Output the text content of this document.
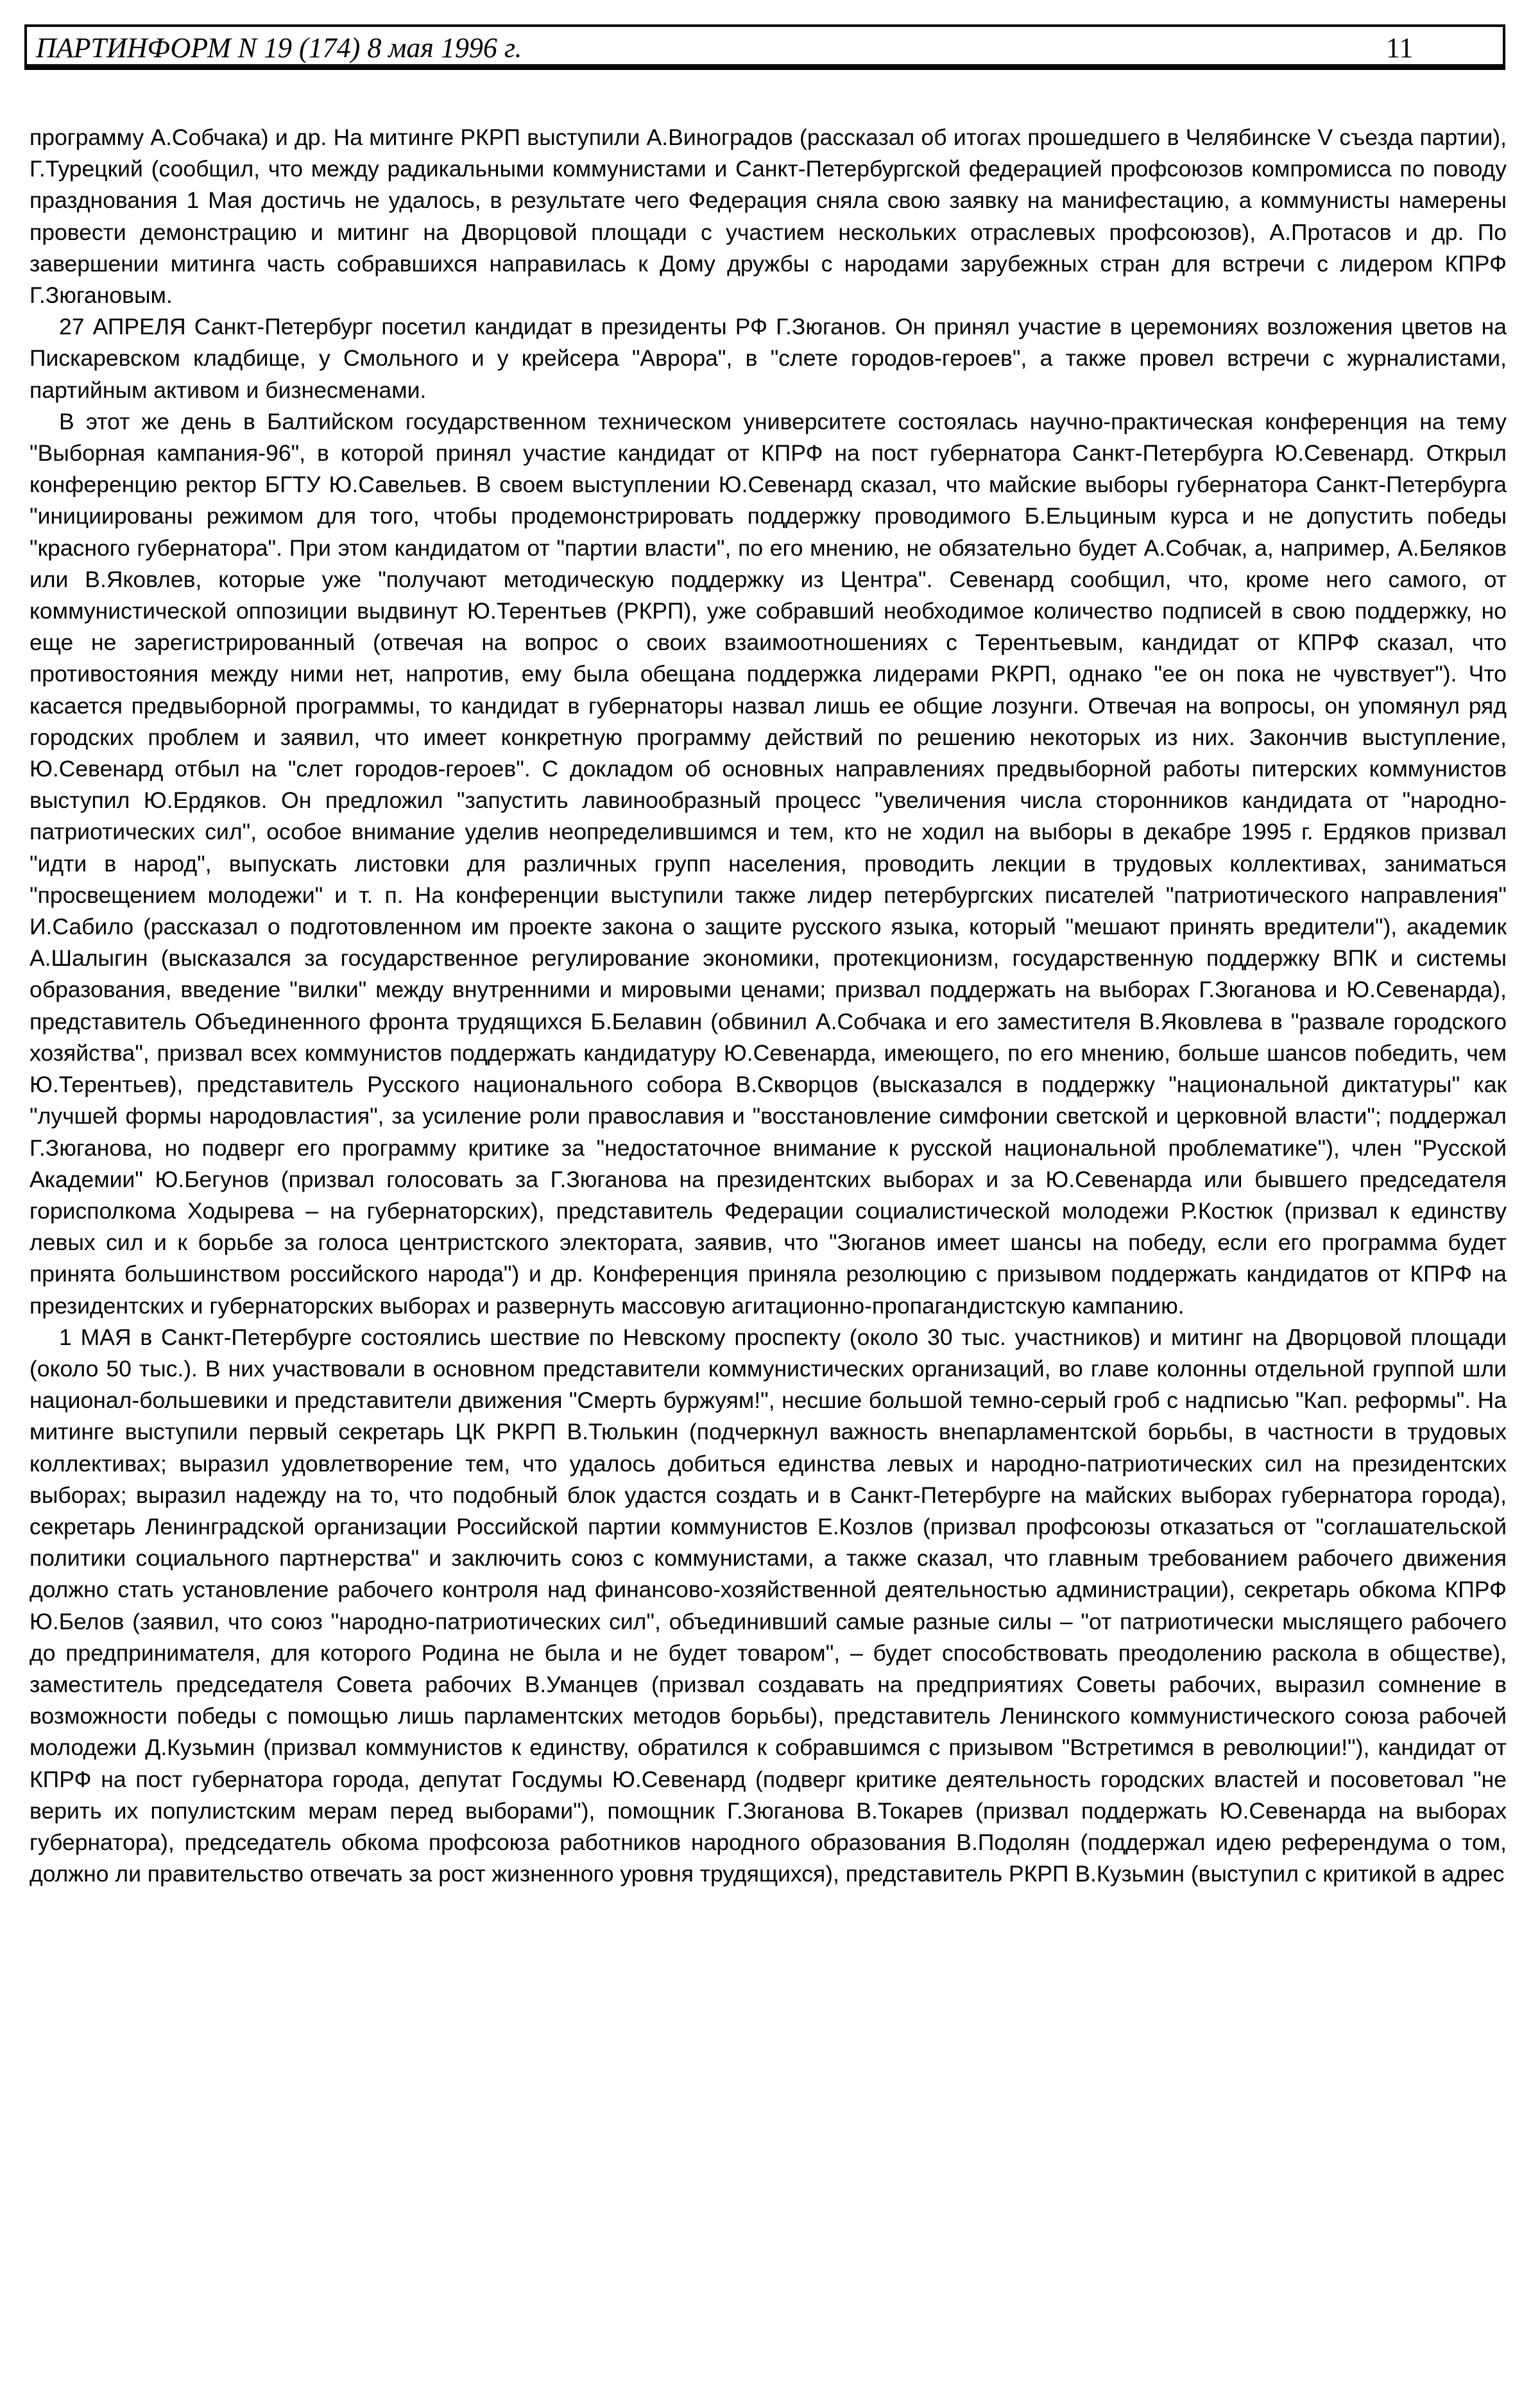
ПАРТИНФОРМ N 19 (174) 8 мая 1996 г.	11

программу А.Собчака) и др. На митинге РКРП выступили А.Виноградов (рассказал об итогах прошедшего в Челябинске V съезда партии), Г.Турецкий (сообщил, что между радикальными коммунистами и Санкт-Петербургской федерацией профсоюзов компромисса по поводу празднования 1 Мая достичь не удалось, в результате чего Федерация сняла свою заявку на манифестацию, а коммунисты намерены провести демонстрацию и митинг на Дворцовой площади с участием нескольких отраслевых профсоюзов), А.Протасов и др. По завершении митинга часть собравшихся направилась к Дому дружбы с народами зарубежных стран для встречи с лидером КПРФ Г.Зюгановым.

27 АПРЕЛЯ Санкт-Петербург посетил кандидат в президенты РФ Г.Зюганов. Он принял участие в церемониях возложения цветов на Пискаревском кладбище, у Смольного и у крейсера "Аврора", в "слете городов-героев", а также провел встречи с журналистами, партийным активом и бизнесменами.

В этот же день в Балтийском государственном техническом университете состоялась научно-практическая конференция на тему "Выборная кампания-96", в которой принял участие кандидат от КПРФ на пост губернатора Санкт-Петербурга Ю.Севенард. Открыл конференцию ректор БГТУ Ю.Савельев. В своем выступлении Ю.Севенард сказал, что майские выборы губернатора Санкт-Петербурга "инициированы режимом для того, чтобы продемонстрировать поддержку проводимого Б.Ельциным курса и не допустить победы "красного губернатора". При этом кандидатом от "партии власти", по его мнению, не обязательно будет А.Собчак, а, например, А.Беляков или В.Яковлев, которые уже "получают методическую поддержку из Центра". Севенард сообщил, что, кроме него самого, от коммунистической оппозиции выдвинут Ю.Терентьев (РКРП), уже собравший необходимое количество подписей в свою поддержку, но еще не зарегистрированный (отвечая на вопрос о своих взаимоотношениях с Терентьевым, кандидат от КПРФ сказал, что противостояния между ними нет, напротив, ему была обещана поддержка лидерами РКРП, однако "ее он пока не чувствует"). Что касается предвыборной программы, то кандидат в губернаторы назвал лишь ее общие лозунги. Отвечая на вопросы, он упомянул ряд городских проблем и заявил, что имеет конкретную программу действий по решению некоторых из них. Закончив выступление, Ю.Севенард отбыл на "слет городов-героев". С докладом об основных направлениях предвыборной работы питерских коммунистов выступил Ю.Ердяков. Он предложил "запустить лавинообразный процесс "увеличения числа сторонников кандидата от "народно-патриотических сил", особое внимание уделив неопределившимся и тем, кто не ходил на выборы в декабре 1995 г. Ердяков призвал "идти в народ", выпускать листовки для различных групп населения, проводить лекции в трудовых коллективах, заниматься "просвещением молодежи" и т. п. На конференции выступили также лидер петербургских писателей "патриотического направления" И.Сабило (рассказал о подготовленном им проекте закона о защите русского языка, который "мешают принять вредители"), академик А.Шалыгин (высказался за государственное регулирование экономики, протекционизм, государственную поддержку ВПК и системы образования, введение "вилки" между внутренними и мировыми ценами; призвал поддержать на выборах Г.Зюганова и Ю.Севенарда), представитель Объединенного фронта трудящихся Б.Белавин (обвинил А.Собчака и его заместителя В.Яковлева в "развале городского хозяйства", призвал всех коммунистов поддержать кандидатуру Ю.Севенарда, имеющего, по его мнению, больше шансов победить, чем Ю.Терентьев), представитель Русского национального собора В.Скворцов (высказался в поддержку "национальной диктатуры" как "лучшей формы народовластия", за усиление роли православия и "восстановление симфонии светской и церковной власти"; поддержал Г.Зюганова, но подверг его программу критике за "недостаточное внимание к русской национальной проблематике"), член "Русской Академии" Ю.Бегунов (призвал голосовать за Г.Зюганова на президентских выборах и за Ю.Севенарда или бывшего председателя горисполкома Ходырева – на губернаторских), представитель Федерации социалистической молодежи Р.Костюк (призвал к единству левых сил и к борьбе за голоса центристского электората, заявив, что "Зюганов имеет шансы на победу, если его программа будет принята большинством российского народа") и др. Конференция приняла резолюцию с призывом поддержать кандидатов от КПРФ на президентских и губернаторских выборах и развернуть массовую агитационно-пропагандистскую кампанию.

1 МАЯ в Санкт-Петербурге состоялись шествие по Невскому проспекту (около 30 тыс. участников) и митинг на Дворцовой площади (около 50 тыс.). В них участвовали в основном представители коммунистических организаций, во главе колонны отдельной группой шли национал-большевики и представители движения "Смерть буржуям!", несшие большой темно-серый гроб с надписью "Кап. реформы". На митинге выступили первый секретарь ЦК РКРП В.Тюлькин (подчеркнул важность внепарламентской борьбы, в частности в трудовых коллективах; выразил удовлетворение тем, что удалось добиться единства левых и народно-патриотических сил на президентских выборах; выразил надежду на то, что подобный блок удастся создать и в Санкт-Петербурге на майских выборах губернатора города), секретарь Ленинградской организации Российской партии коммунистов Е.Козлов (призвал профсоюзы отказаться от "соглашательской политики социального партнерства" и заключить союз с коммунистами, а также сказал, что главным требованием рабочего движения должно стать установление рабочего контроля над финансово-хозяйственной деятельностью администрации), секретарь обкома КПРФ Ю.Белов (заявил, что союз "народно-патриотических сил", объединивший самые разные силы – "от патриотически мыслящего рабочего до предпринимателя, для которого Родина не была и не будет товаром", – будет способствовать преодолению раскола в обществе), заместитель председателя Совета рабочих В.Уманцев (призвал создавать на предприятиях Советы рабочих, выразил сомнение в возможности победы с помощью лишь парламентских методов борьбы), представитель Ленинского коммунистического союза рабочей молодежи Д.Кузьмин (призвал коммунистов к единству, обратился к собравшимся с призывом "Встретимся в революции!"), кандидат от КПРФ на пост губернатора города, депутат Госдумы Ю.Севенард (подверг критике деятельность городских властей и посоветовал "не верить их популистским мерам перед выборами"), помощник Г.Зюганова В.Токарев (призвал поддержать Ю.Севенарда на выборах губернатора), председатель обкома профсоюза работников народного образования В.Подолян (поддержал идею референдума о том, должно ли правительство отвечать за рост жизненного уровня трудящихся), представитель РКРП В.Кузьмин (выступил с критикой в адрес
